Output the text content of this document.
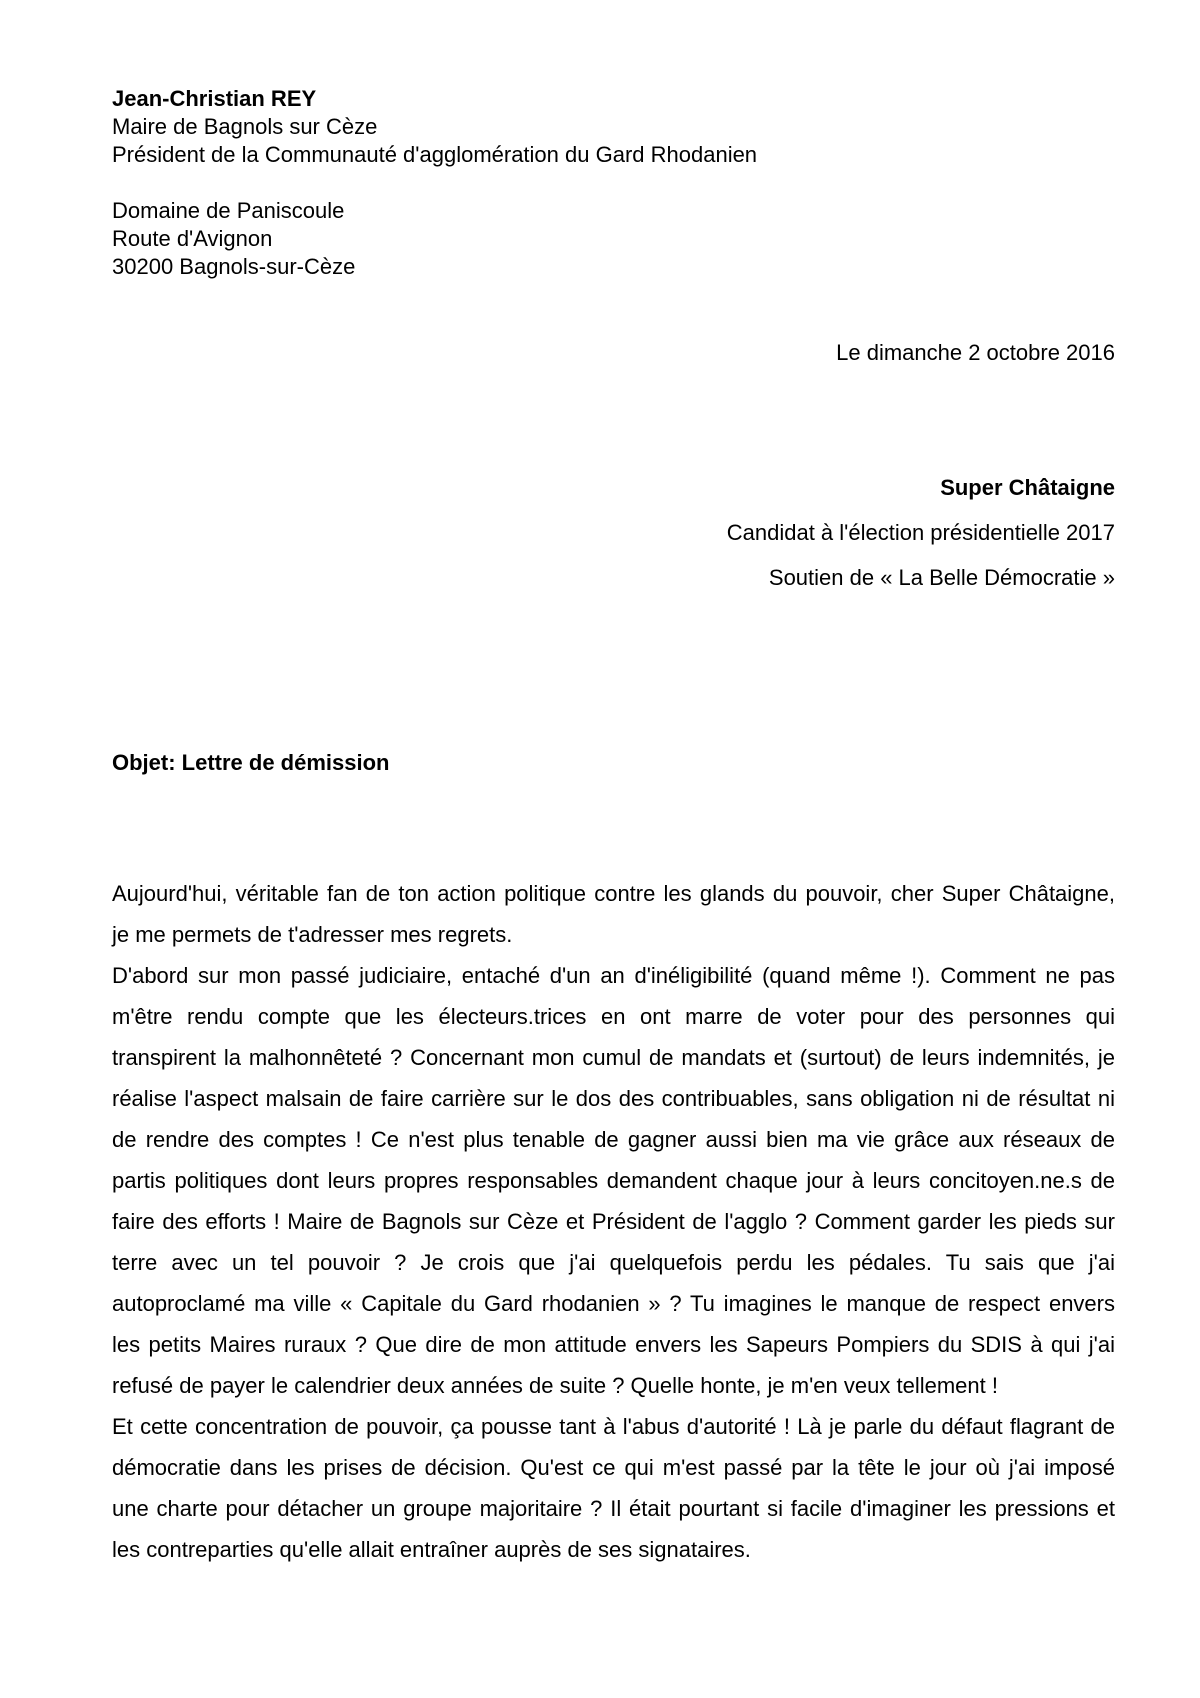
Jean-Christian REY
Maire de Bagnols sur Cèze
Président de la Communauté d'agglomération du Gard Rhodanien
Domaine de Paniscoule
Route d'Avignon
30200 Bagnols-sur-Cèze
Le dimanche 2 octobre 2016
Super Châtaigne
Candidat à l'élection présidentielle 2017
Soutien de « La Belle Démocratie »
Objet: Lettre de démission
Aujourd'hui, véritable fan de ton action politique contre les glands du pouvoir, cher Super Châtaigne,
je me permets de t'adresser mes regrets.
D'abord sur mon passé judiciaire, entaché d'un an d'inéligibilité (quand même !). Comment ne pas
m'être rendu compte que les électeurs.trices en ont marre de voter pour des personnes qui
transpirent la malhonnêteté ? Concernant mon cumul de mandats et (surtout) de leurs indemnités, je
réalise l'aspect malsain de faire carrière sur le dos des contribuables, sans obligation ni de résultat ni
de rendre des comptes ! Ce n'est plus tenable de gagner aussi bien ma vie grâce aux réseaux de
partis politiques dont leurs propres responsables demandent chaque jour à leurs concitoyen.ne.s de
faire des efforts ! Maire de Bagnols sur Cèze et Président de l'agglo ? Comment garder les pieds sur
terre avec un tel pouvoir ? Je crois que j'ai quelquefois perdu les pédales. Tu sais que j'ai
autoproclamé ma ville « Capitale du Gard rhodanien » ? Tu imagines le manque de respect envers
les petits Maires ruraux ? Que dire de mon attitude envers les Sapeurs Pompiers du SDIS à qui j'ai
refusé de payer le calendrier deux années de suite ? Quelle honte, je m'en veux tellement !
Et cette concentration de pouvoir, ça pousse tant à l'abus d'autorité ! Là je parle du défaut flagrant de
démocratie dans les prises de décision. Qu'est ce qui m'est passé par la tête le jour où j'ai imposé
une charte pour détacher un groupe majoritaire ? Il était pourtant si facile d'imaginer les pressions et
les contreparties qu'elle allait entraîner auprès de ses signataires.
